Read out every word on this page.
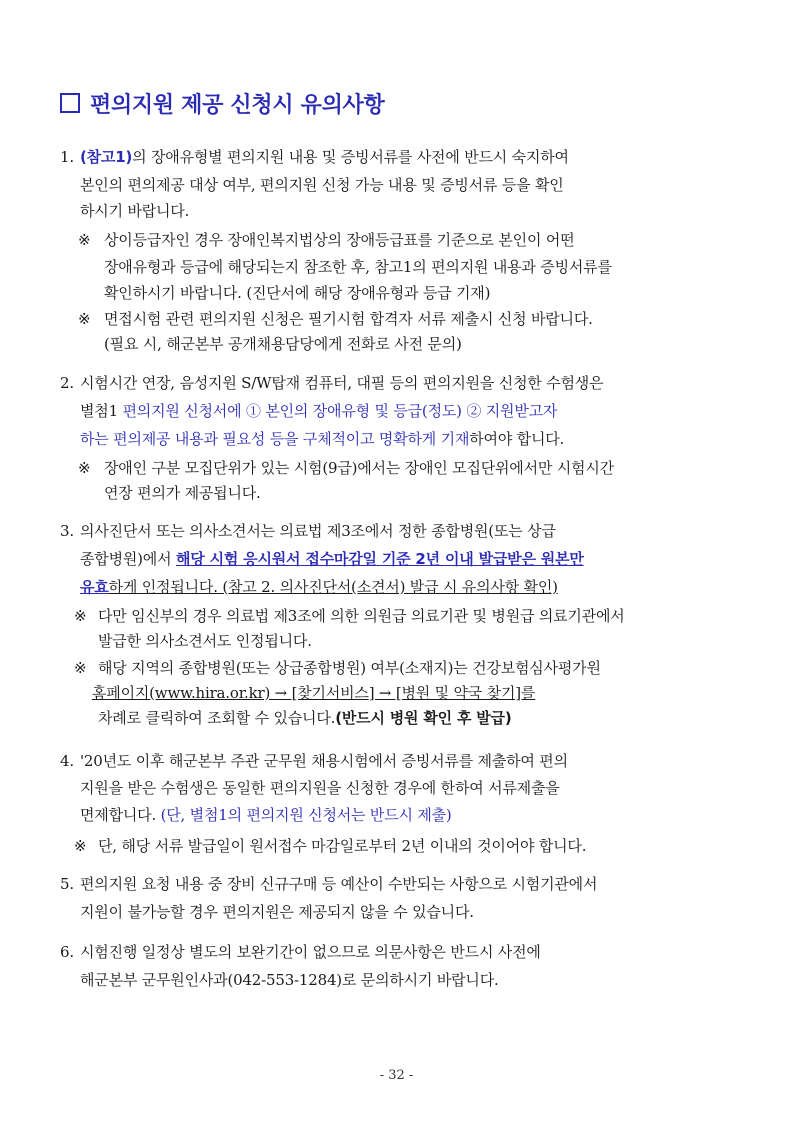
편의지원 제공 신청시 유의사항
1. (참고1)의 장애유형별 편의지원 내용 및 증빙서류를 사전에 반드시 숙지하여
본인의 편의제공 대상 여부, 편의지원 신청 가능 내용 및 증빙서류 등을 확인
하시기 바랍니다.
※ 상이등급자인 경우 장애인복지법상의 장애등급표를 기준으로 본인이 어떤
장애유형과 등급에 해당되는지 참조한 후, 참고1의 편의지원 내용과 증빙서류를
확인하시기 바랍니다. (진단서에 해당 장애유형과 등급 기재)
※ 면접시험 관련 편의지원 신청은 필기시험 합격자 서류 제출시 신청 바랍니다.
(필요 시, 해군본부 공개채용담당에게 전화로 사전 문의)
2. 시험시간 연장, 음성지원 S/W탑재 컴퓨터, 대필 등의 편의지원을 신청한 수험생은
별첨1 편의지원 신청서에 ① 본인의 장애유형 및 등급(정도) ② 지원받고자
하는 편의제공 내용과 필요성 등을 구체적이고 명확하게 기재하여야 합니다.
※ 장애인 구분 모집단위가 있는 시험(9급)에서는 장애인 모집단위에서만 시험시간
연장 편의가 제공됩니다.
3. 의사진단서 또는 의사소견서는 의료법 제3조에서 정한 종합병원(또는 상급
종합병원)에서 해당 시험 응시원서 접수마감일 기준 2년 이내 발급받은 원본만
유효하게 인정됩니다. (참고 2. 의사진단서(소견서) 발급 시 유의사항 확인)
※ 다만 임신부의 경우 의료법 제3조에 의한 의원급 의료기관 및 병원급 의료기관에서
발급한 의사소견서도 인정됩니다.
※ 해당 지역의 종합병원(또는 상급종합병원) 여부(소재지)는 건강보험심사평가원
홈페이지(www.hira.or.kr) → [찾기서비스] → [병원 및 약국 찾기]를
차례로 클릭하여 조회할 수 있습니다.(반드시 병원 확인 후 발급)
4. '20년도 이후 해군본부 주관 군무원 채용시험에서 증빙서류를 제출하여 편의
지원을 받은 수험생은 동일한 편의지원을 신청한 경우에 한하여 서류제출을
면제합니다. (단, 별첨1의 편의지원 신청서는 반드시 제출)
※ 단, 해당 서류 발급일이 원서접수 마감일로부터 2년 이내의 것이어야 합니다.
5. 편의지원 요청 내용 중 장비 신규구매 등 예산이 수반되는 사항으로 시험기관에서
지원이 불가능할 경우 편의지원은 제공되지 않을 수 있습니다.
6. 시험진행 일정상 별도의 보완기간이 없으므로 의문사항은 반드시 사전에
해군본부 군무원인사과(042-553-1284)로 문의하시기 바랍니다.
- 32 -
